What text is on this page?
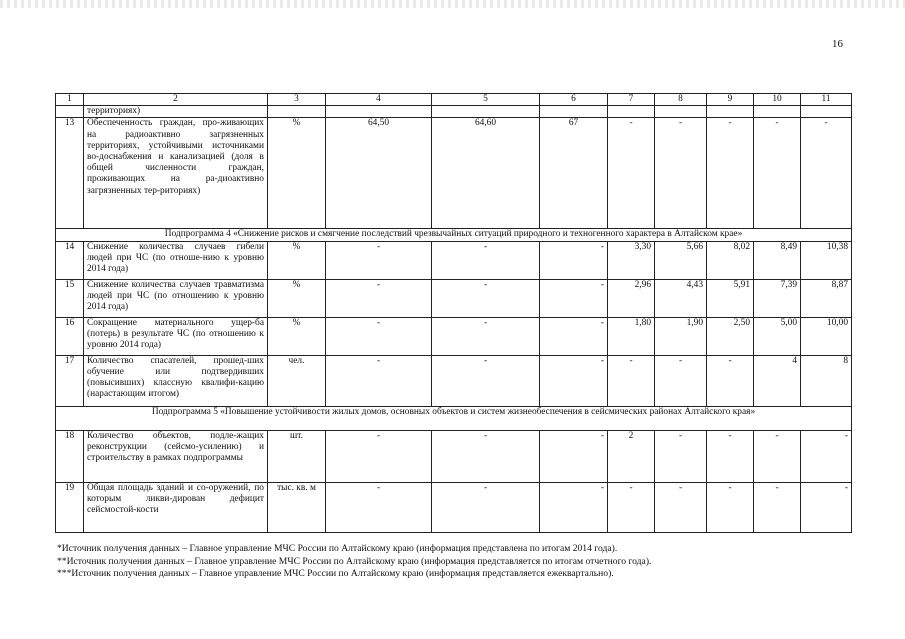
16
1	2	3	4	5	6	7	8	9	10	11
	территориях)									
13	Обеспеченность граждан, про-живающих на радиоактивно загрязненных территориях, устойчивыми источниками во-доснабжения и канализацией (доля в общей численности граждан, проживающих на ра-диоактивно загрязненных тер-риториях)	%	64,50	64,60	67	-	-	-	-	-
Подпрограмма 4 «Снижение рисков и смягчение последствий чрезвычайных ситуаций природного и техногенного характера в Алтайском крае»										
14	Снижение количества случаев гибели людей при ЧС (по отноше-нию к уровню 2014 года)	%	-	-	-	3,30	5,66	8,02	8,49	10,38
15	Снижение количества случаев травматизма людей при ЧС (по отношению к уровню 2014 года)	%	-	-	-	2,96	4,43	5,91	7,39	8,87
16	Сокращение материального ущер-ба (потерь) в результате ЧС (по отношению к уровню 2014 года)	%	-	-	-	1,80	1,90	2,50	5,00	10,00
17	Количество спасателей, прошед-ших обучение или подтвердивших (повысивших) классную квалифи-кацию (нарастающим итогом)	чел.	-	-	-	-	-	-	4	8
Подпрограмма 5 «Повышение устойчивости жилых домов, основных объектов и систем жизнеобеспечения в сейсмических районах Алтайского края»										
18	Количество объектов, подле-жащих реконструкции (сейсмо-усилению) и строительству в рамках подпрограммы	шт.	-	-	-	2	-	-	-	-
19	Общая площадь зданий и со-оружений, по которым ликви-дирован дефицит сейсмостой-кости	тыс. кв. м	-	-	-	-	-	-	-	-
*Источник получения данных – Главное управление МЧС России по Алтайскому краю (информация представлена по итогам 2014 года).
**Источник получения данных – Главное управление МЧС России по Алтайскому краю (информация представляется по итогам отчетного года).
***Источник получения данных – Главное управление МЧС России по Алтайскому краю (информация представляется ежеквартально).
